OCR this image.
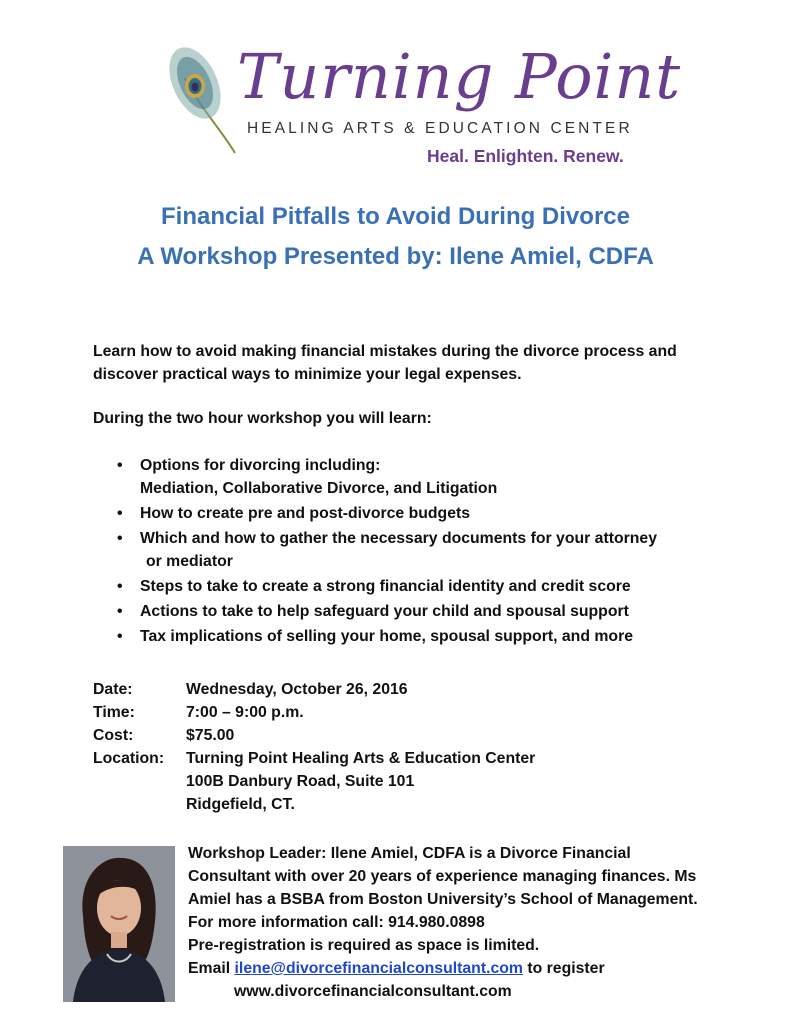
Turning Point
HEALING ARTS & EDUCATION CENTER
Heal. Enlighten. Renew.
Financial Pitfalls to Avoid During Divorce
A Workshop Presented by: Ilene Amiel, CDFA
Learn how to avoid making financial mistakes during the divorce process and discover practical ways to minimize your legal expenses.
During the two hour workshop you will learn:
• Options for divorcing including:
Mediation, Collaborative Divorce, and Litigation
• How to create pre and post-divorce budgets
• Which and how to gather the necessary documents for your attorney
or mediator
• Steps to take to create a strong financial identity and credit score
• Actions to take to help safeguard your child and spousal support
• Tax implications of selling your home, spousal support, and more
Date:	Wednesday, October 26, 2016
Time:	7:00 – 9:00 p.m.
Cost:	$75.00
Location:	Turning Point Healing Arts & Education Center
100B Danbury Road, Suite 101
Ridgefield, CT.
Workshop Leader: Ilene Amiel, CDFA is a Divorce Financial
Consultant with over 20 years of experience managing finances. Ms
Amiel has a BSBA from Boston University’s School of Management.
For more information call: 914.980.0898
Pre-registration is required as space is limited.
Email ilene@divorcefinancialconsultant.com to register
www.divorcefinancialconsultant.com
